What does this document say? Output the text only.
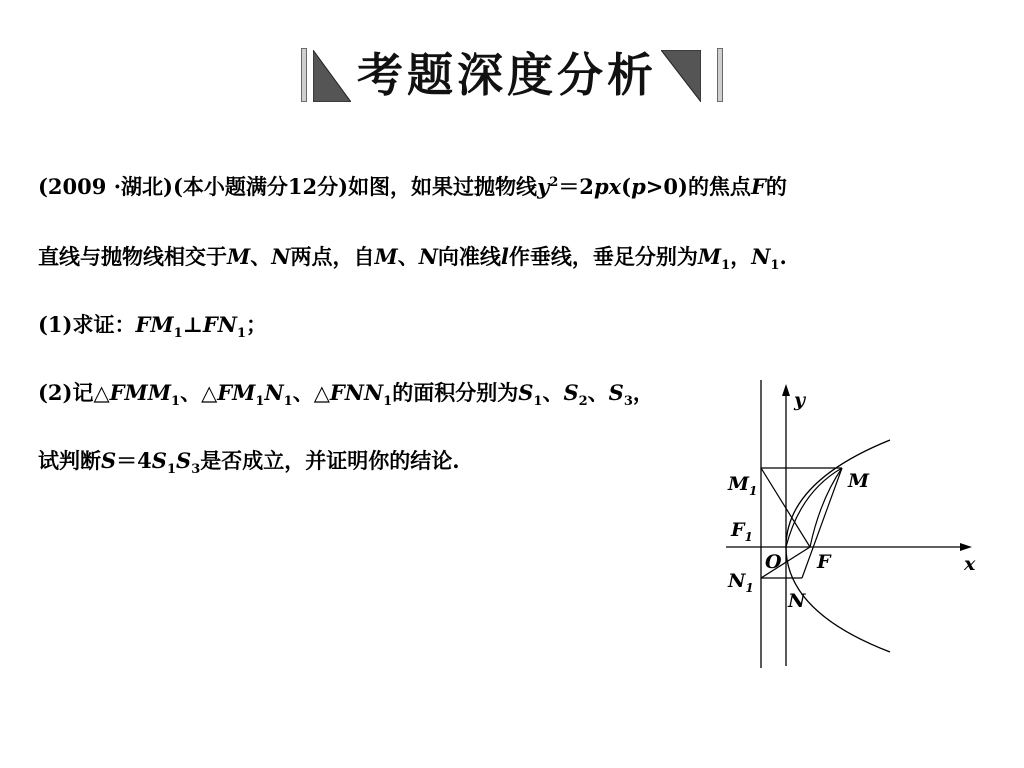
考题深度分析
(2009 ·湖北)(本小题满分12分)如图，如果过抛物线$y^2=2px(p>0)$的焦点F的
直线与抛物线相交于M、N两点，自M、N向准线l作垂线，垂足分别为$M_1$，$N_1$.
(1)求证：$FM_1\perp FN_1$；
(2)记$\triangle FMM_1$、$\triangle FM_1N_1$、$\triangle FNN_1$的面积分别为$S_1$、$S_2$、$S_3$，
试判断$S=4S_1S_3$是否成立，并证明你的结论.
y
x
O F
M
N
$M_1$
$F_1$
$N_1$
